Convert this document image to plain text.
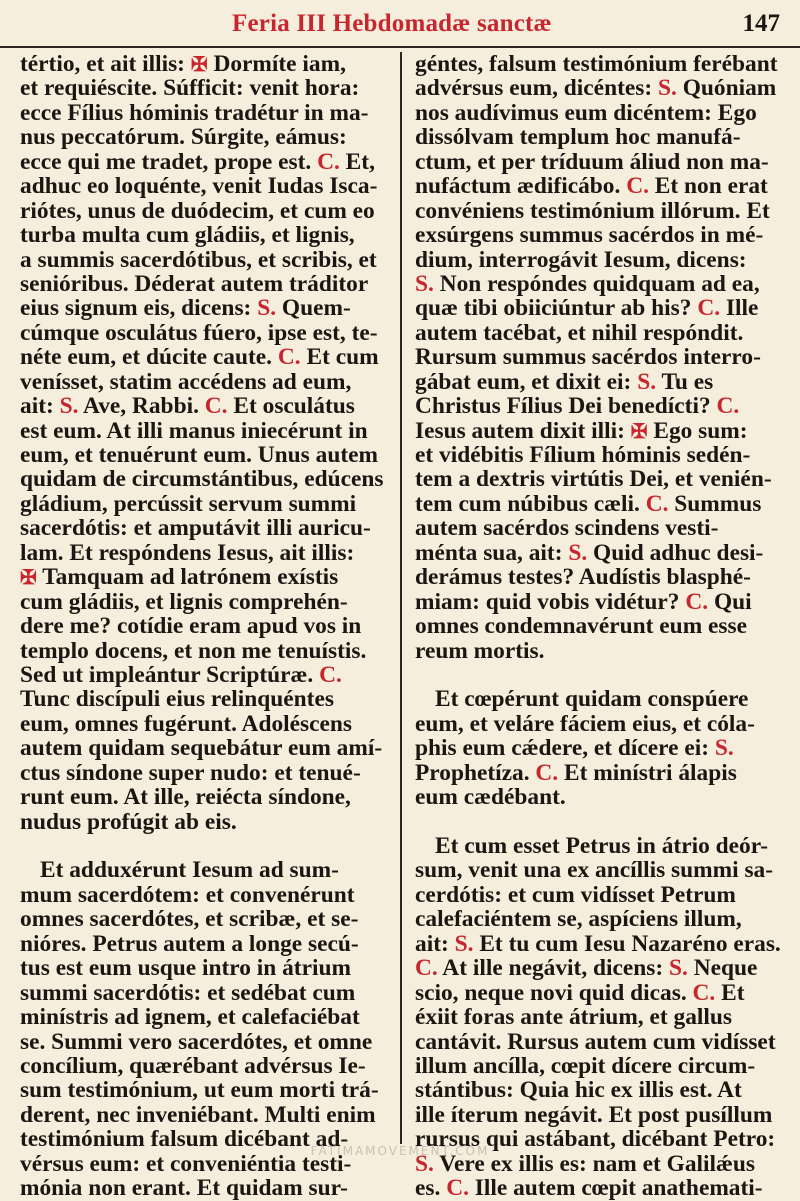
Feria III Hebdomadæ sanctæ	147
tértio, et ait illis: ✠ Dormíte iam,
et requiéscite. Súfficit: venit hora:
ecce Fílius hóminis tradétur in ma-
nus peccatórum. Súrgite, eámus:
ecce qui me tradet, prope est. C. Et,
adhuc eo loquénte, venit Iudas Isca-
riótes, unus de duódecim, et cum eo
turba multa cum gládiis, et lignis,
a summis sacerdótibus, et scribis, et
senióribus. Déderat autem tráditor
eius signum eis, dicens: S. Quem-
cúmque osculátus fúero, ipse est, te-
néte eum, et dúcite caute. C. Et cum
venísset, statim accédens ad eum,
ait: S. Ave, Rabbi. C. Et osculátus
est eum. At illi manus iniecérunt in
eum, et tenuérunt eum. Unus autem
quidam de circumstántibus, edúcens
gládium, percússit servum summi
sacerdótis: et amputávit illi auricu-
lam. Et respóndens Iesus, ait illis:
✠ Tamquam ad latrónem exístis
cum gládiis, et lignis comprehén-
dere me? cotídie eram apud vos in
templo docens, et non me tenuístis.
Sed ut impleántur Scriptúræ. C.
Tunc discípuli eius relinquéntes
eum, omnes fugérunt. Adoléscens
autem quidam sequebátur eum amí-
ctus síndone super nudo: et tenué-
runt eum. At ille, reiécta síndone,
nudus profúgit ab eis.
Et adduxérunt Iesum ad sum-
mum sacerdótem: et convenérunt
omnes sacerdótes, et scribæ, et se-
nióres. Petrus autem a longe secú-
tus est eum usque intro in átrium
summi sacerdótis: et sedébat cum
minístris ad ignem, et calefaciébat
se. Summi vero sacerdótes, et omne
concílium, quærébant advérsus Ie-
sum testimónium, ut eum morti trá-
derent, nec inveniébant. Multi enim
testimónium falsum dicébant ad-
vérsus eum: et conveniéntia testi-
mónia non erant. Et quidam sur-
géntes, falsum testimónium ferébant
advérsus eum, dicéntes: S. Quóniam
nos audívimus eum dicéntem: Ego
dissólvam templum hoc manufá-
ctum, et per tríduum áliud non ma-
nufáctum ædificábo. C. Et non erat
convéniens testimónium illórum. Et
exsúrgens summus sacérdos in mé-
dium, interrogávit Iesum, dicens:
S. Non respóndes quidquam ad ea,
quæ tibi obiiciúntur ab his? C. Ille
autem tacébat, et nihil respóndit.
Rursum summus sacérdos interro-
gábat eum, et dixit ei: S. Tu es
Christus Fílius Dei benedícti? C.
Iesus autem dixit illi: ✠ Ego sum:
et vidébitis Fílium hóminis sedén-
tem a dextris virtútis Dei, et venién-
tem cum núbibus cæli. C. Summus
autem sacérdos scindens vesti-
ménta sua, ait: S. Quid adhuc desi-
derámus testes? Audístis blasphé-
miam: quid vobis vidétur? C. Qui
omnes condemnavérunt eum esse
reum mortis.
Et cœpérunt quidam conspúere
eum, et veláre fáciem eius, et cóla-
phis eum cǽdere, et dícere ei: S.
Prophetíza. C. Et minístri álapis
eum cædébant.
Et cum esset Petrus in átrio deór-
sum, venit una ex ancíllis summi sa-
cerdótis: et cum vidísset Petrum
calefaciéntem se, aspíciens illum,
ait: S. Et tu cum Iesu Nazaréno eras.
C. At ille negávit, dicens: S. Neque
scio, neque novi quid dicas. C. Et
éxiit foras ante átrium, et gallus
cantávit. Rursus autem cum vidísset
illum ancílla, cœpit dícere circum-
stántibus: Quia hic ex illis est. At
ille íterum negávit. Et post pusíllum
rursus qui astábant, dicébant Petro:
S. Vere ex illis es: nam et Galilǽus
es. C. Ille autem cœpit anathemati-
FATIMAMOVEMENT.COM
